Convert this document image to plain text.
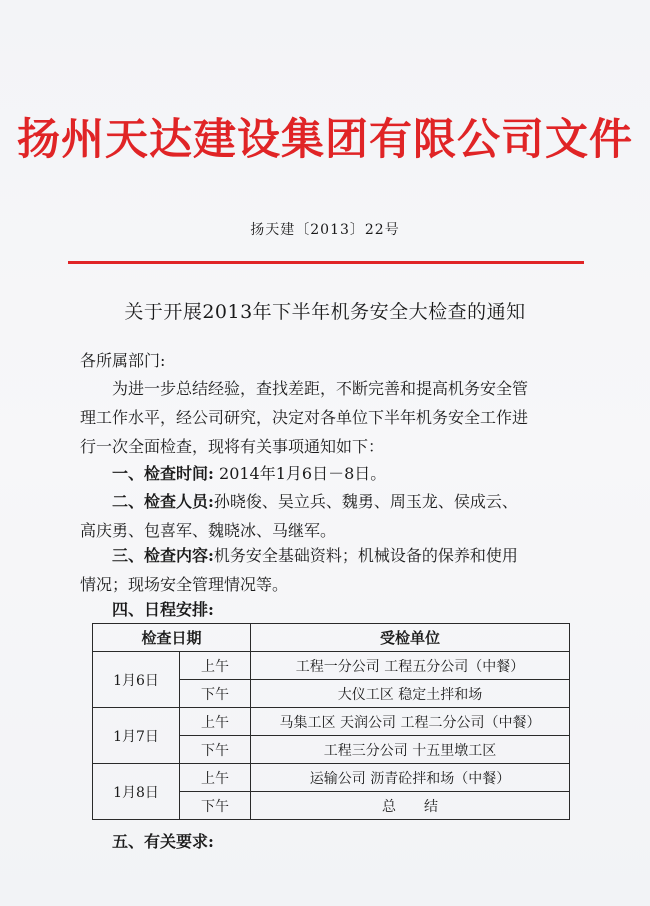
扬州天达建设集团有限公司文件
扬天建〔2013〕22号
关于开展2013年下半年机务安全大检查的通知
各所属部门:
为进一步总结经验，查找差距，不断完善和提高机务安全管
理工作水平，经公司研究，决定对各单位下半年机务安全工作进
行一次全面检查，现将有关事项通知如下：
一、检查时间: 2014年1月6日－8日。
二、检查人员:孙晓俊、吴立兵、魏勇、周玉龙、侯成云、
高庆勇、包喜军、魏晓冰、马继军。
三、检查内容:机务安全基础资料；机械设备的保养和使用
情况；现场安全管理情况等。
四、日程安排:
检查日期		受检单位
1月6日	上午	工程一分公司 工程五分公司（中餐）
	下午	大仪工区 稳定土拌和场
1月7日	上午	马集工区 天润公司 工程二分公司（中餐）
	下午	工程三分公司 十五里墩工区
1月8日	上午	运输公司 沥青砼拌和场（中餐）
	下午	总　　结
五、有关要求:
